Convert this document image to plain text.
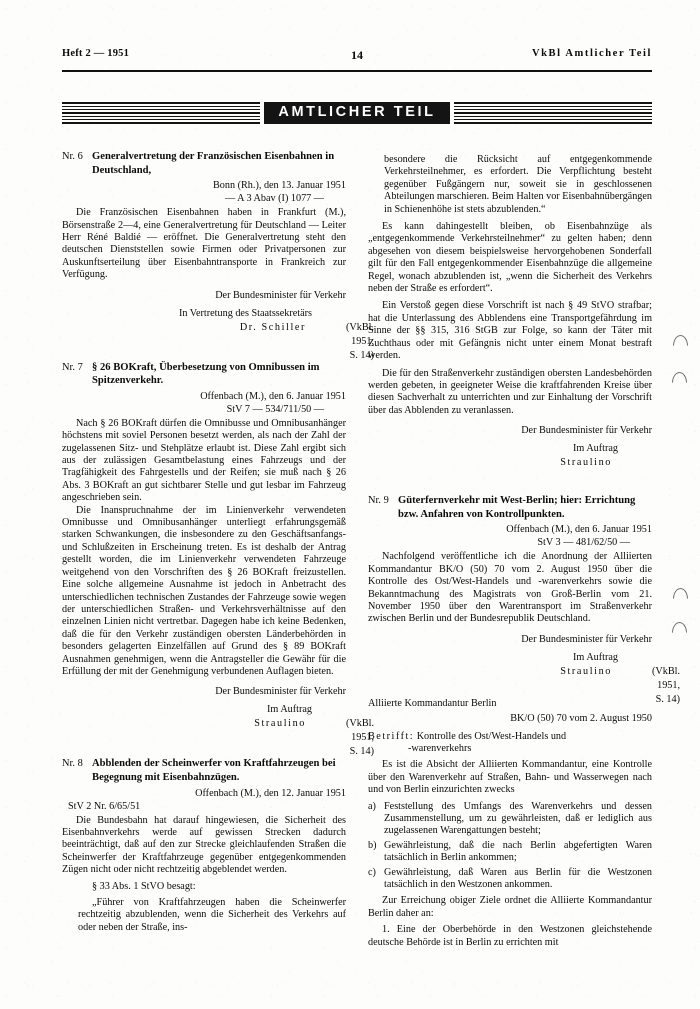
Heft 2 — 1951	14	VkBl Amtlicher Teil
AMTLICHER TEIL

Nr. 6 Generalvertretung der Französischen Eisenbahnen in Deutschland,

Bonn (Rh.), den 13. Januar 1951

— A 3 Abav (I) 1077 —

Die Französischen Eisenbahnen haben in Frankfurt (M.), Börsenstraße 2—4, eine Generalvertretung für Deutschland — Leiter Herr Réné Baldié — eröffnet. Die Generalvertretung steht den deutschen Dienststellen sowie Firmen oder Privatpersonen zur Auskunftserteilung über Eisenbahntransporte in Frankreich zur Verfügung.

Der Bundesminister für Verkehr
In Vertretung des Staatssekretärs
(VkBl. 1951, S. 14)
Dr. Schiller

Nr. 7 § 26 BOKraft, Überbesetzung von Omnibussen im Spitzenverkehr.

Offenbach (M.), den 6. Januar 1951

StV 7 — 534/711/50 —

Nach § 26 BOKraft dürfen die Omnibusse und Omnibusanhänger höchstens mit soviel Personen besetzt werden, als nach der Zahl der zugelassenen Sitz- und Stehplätze erlaubt ist. Diese Zahl ergibt sich aus der zulässigen Gesamtbelastung eines Fahrzeugs und der Tragfähigkeit des Fahrgestells und der Reifen; sie muß nach § 26 Abs. 3 BOKraft an gut sichtbarer Stelle und gut lesbar im Fahrzeug angeschrieben sein.

Die Inanspruchnahme der im Linienverkehr verwendeten Omnibusse und Omnibusanhänger unterliegt erfahrungsgemäß starken Schwankungen, die insbesondere zu den Geschäftsanfangs- und Schlußzeiten in Erscheinung treten. Es ist deshalb der Antrag gestellt worden, die im Linienverkehr verwendeten Fahrzeuge weitgehend von den Vorschriften des § 26 BOKraft freizustellen. Eine solche allgemeine Ausnahme ist jedoch in Anbetracht des unterschiedlichen technischen Zustandes der Fahrzeuge sowie wegen der unterschiedlichen Straßen- und Verkehrsverhältnisse auf den einzelnen Linien nicht vertretbar. Dagegen habe ich keine Bedenken, daß die für den Verkehr zuständigen obersten Länderbehörden in besonders gelagerten Einzelfällen auf Grund des § 89 BOKraft Ausnahmen genehmigen, wenn die Antragsteller die Gewähr für die Erfüllung der mit der Genehmigung verbundenen Auflagen bieten.

Der Bundesminister für Verkehr
Im Auftrag
(VkBl. 1951, S. 14)
Straulino

Nr. 8 Abblenden der Scheinwerfer von Kraftfahrzeugen bei Begegnung mit Eisenbahnzügen.

Offenbach (M.), den 12. Januar 1951

StV 2 Nr. 6/65/51

Die Bundesbahn hat darauf hingewiesen, die Sicherheit des Eisenbahnverkehrs werde auf gewissen Strecken dadurch beeinträchtigt, daß auf den zur Strecke gleichlaufenden Straßen die Scheinwerfer der Kraftfahrzeuge gegenüber entgegenkommenden Zügen nicht oder nicht rechtzeitig abgeblendet werden.

§ 33 Abs. 1 StVO besagt:

„Führer von Kraftfahrzeugen haben die Scheinwerfer rechtzeitig abzublenden, wenn die Sicherheit des Verkehrs auf oder neben der Straße, ins-

besondere die Rücksicht auf entgegenkommende Verkehrsteilnehmer, es erfordert. Die Verpflichtung besteht gegenüber Fußgängern nur, soweit sie in geschlossenen Abteilungen marschieren. Beim Halten vor Eisenbahnübergängen in Schienenhöhe ist stets abzublenden.“

Es kann dahingestellt bleiben, ob Eisenbahnzüge als „entgegenkommende Verkehrsteilnehmer“ zu gelten haben; denn abgesehen von diesem beispielsweise hervorgehobenen Sonderfall gilt für den Fall entgegenkommender Eisenbahnzüge die allgemeine Regel, wonach abzublenden ist, „wenn die Sicherheit des Verkehrs neben der Straße es erfordert“.

Ein Verstoß gegen diese Vorschrift ist nach § 49 StVO strafbar; hat die Unterlassung des Abblendens eine Transportgefährdung im Sinne der §§ 315, 316 StGB zur Folge, so kann der Täter mit Zuchthaus oder mit Gefängnis nicht unter einem Monat bestraft werden.

Die für den Straßenverkehr zuständigen obersten Landesbehörden werden gebeten, in geeigneter Weise die kraftfahrenden Kreise über diesen Sachverhalt zu unterrichten und zur Einhaltung der Vorschrift über das Abblenden zu veranlassen.

Der Bundesminister für Verkehr
Im Auftrag
Straulino

Nr. 9 Güterfernverkehr mit West-Berlin; hier: Errichtung bzw. Anfahren von Kontrollpunkten.

Offenbach (M.), den 6. Januar 1951

StV 3 — 481/62/50 —

Nachfolgend veröffentliche ich die Anordnung der Alliierten Kommandantur BK/O (50) 70 vom 2. August 1950 über die Kontrolle des Ost/West-Handels und -warenverkehrs sowie die Bekanntmachung des Magistrats von Groß-Berlin vom 21. November 1950 über den Warentransport im Straßenverkehr zwischen Berlin und der Bundesrepublik Deutschland.

Der Bundesminister für Verkehr
Im Auftrag
(VkBl. 1951, S. 14)
Straulino

Alliierte Kommandantur Berlin

BK/O (50) 70 vom 2. August 1950

Betrifft: Kontrolle des Ost/West-Handels und
-warenverkehrs

Es ist die Absicht der Alliierten Kommandantur, eine Kontrolle über den Warenverkehr auf Straßen, Bahn- und Wasserwegen nach und von Berlin einzurichten zwecks

a) Feststellung des Umfangs des Warenverkehrs und dessen Zusammenstellung, um zu gewährleisten, daß er lediglich aus zugelassenen Warengattungen besteht;
b) Gewährleistung, daß die nach Berlin abgefertigten Waren tatsächlich in Berlin ankommen;
c) Gewährleistung, daß Waren aus Berlin für die Westzonen tatsächlich in den Westzonen ankommen.

Zur Erreichung obiger Ziele ordnet die Alliierte Kommandantur Berlin daher an:

1. Eine der Oberbehörde in den Westzonen gleichstehende deutsche Behörde ist in Berlin zu errichten mit
